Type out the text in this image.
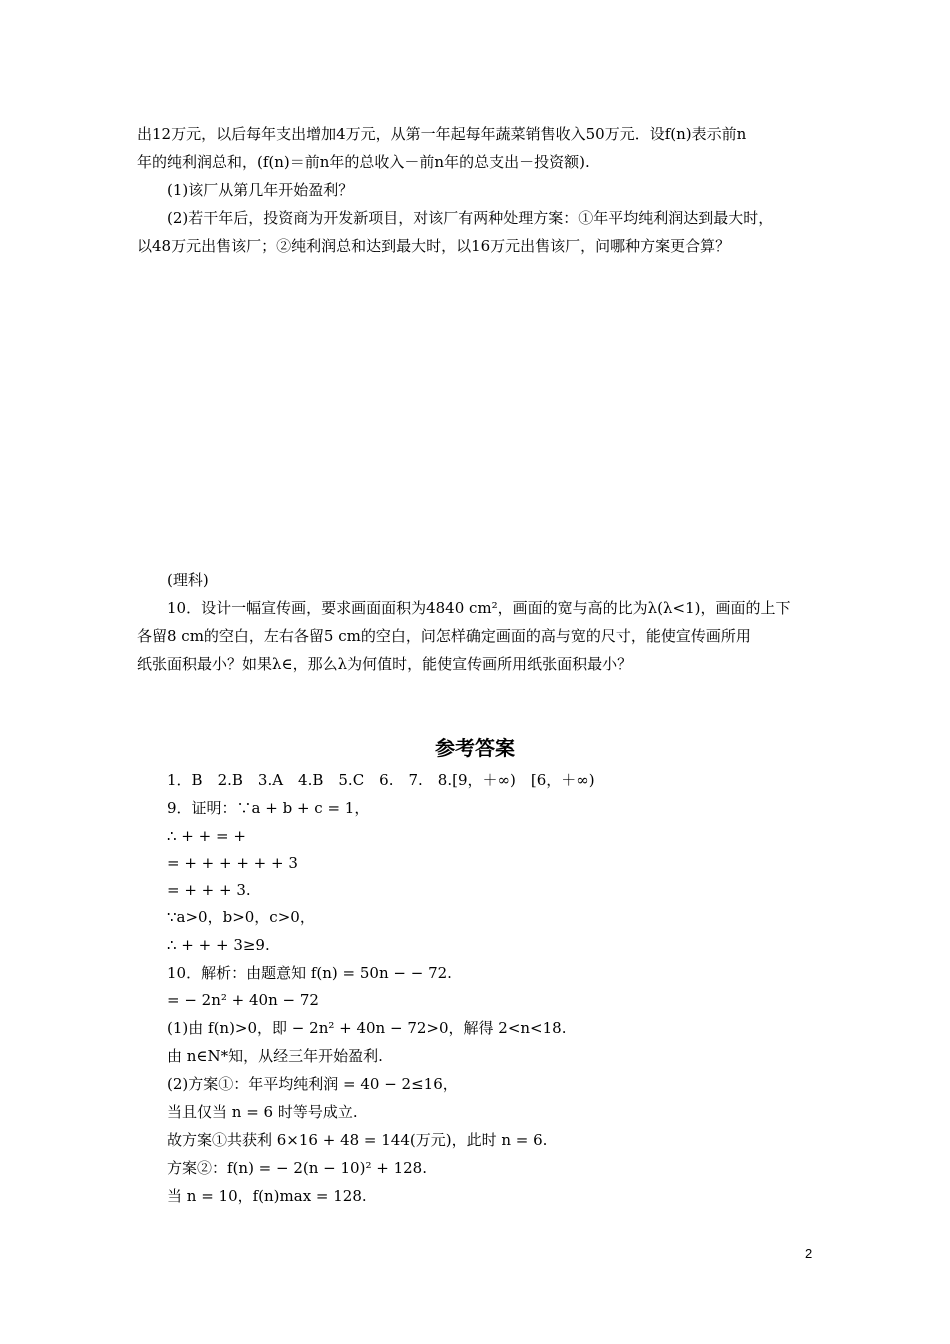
出12万元，以后每年支出增加4万元，从第一年起每年蔬菜销售收入50万元．设f(n)表示前n
年的纯利润总和，(f(n)＝前n年的总收入－前n年的总支出－投资额).
(1)该厂从第几年开始盈利？
(2)若干年后，投资商为开发新项目，对该厂有两种处理方案：①年平均纯利润达到最大时，
以48万元出售该厂；②纯利润总和达到最大时，以16万元出售该厂，问哪种方案更合算？
(理科)
10．设计一幅宣传画，要求画面面积为4840 cm²，画面的宽与高的比为λ(λ<1)，画面的上下
各留8 cm的空白，左右各留5 cm的空白，问怎样确定画面的高与宽的尺寸，能使宣传画所用
纸张面积最小？如果λ∈，那么λ为何值时，能使宣传画所用纸张面积最小？
参考答案
1．B　2.B　3.A　4.B　5.C　6.　7.　8.[9，＋∞)　[6，＋∞)
9．证明：∵a + b + c = 1，
∴ + + = +
= + + + + + + 3
= + + + 3.
∵a>0，b>0，c>0，
∴ + + + 3≥9.
10．解析：由题意知 f(n) = 50n − − 72.
= − 2n² + 40n − 72
(1)由 f(n)>0，即 − 2n² + 40n − 72>0，解得 2<n<18.
由 n∈N*知，从经三年开始盈利.
(2)方案①：年平均纯利润 = 40 − 2≤16，
当且仅当 n = 6 时等号成立.
故方案①共获利 6×16 + 48 = 144(万元)，此时 n = 6.
方案②：f(n) = − 2(n − 10)² + 128.
当 n = 10，f(n)max = 128.
2
